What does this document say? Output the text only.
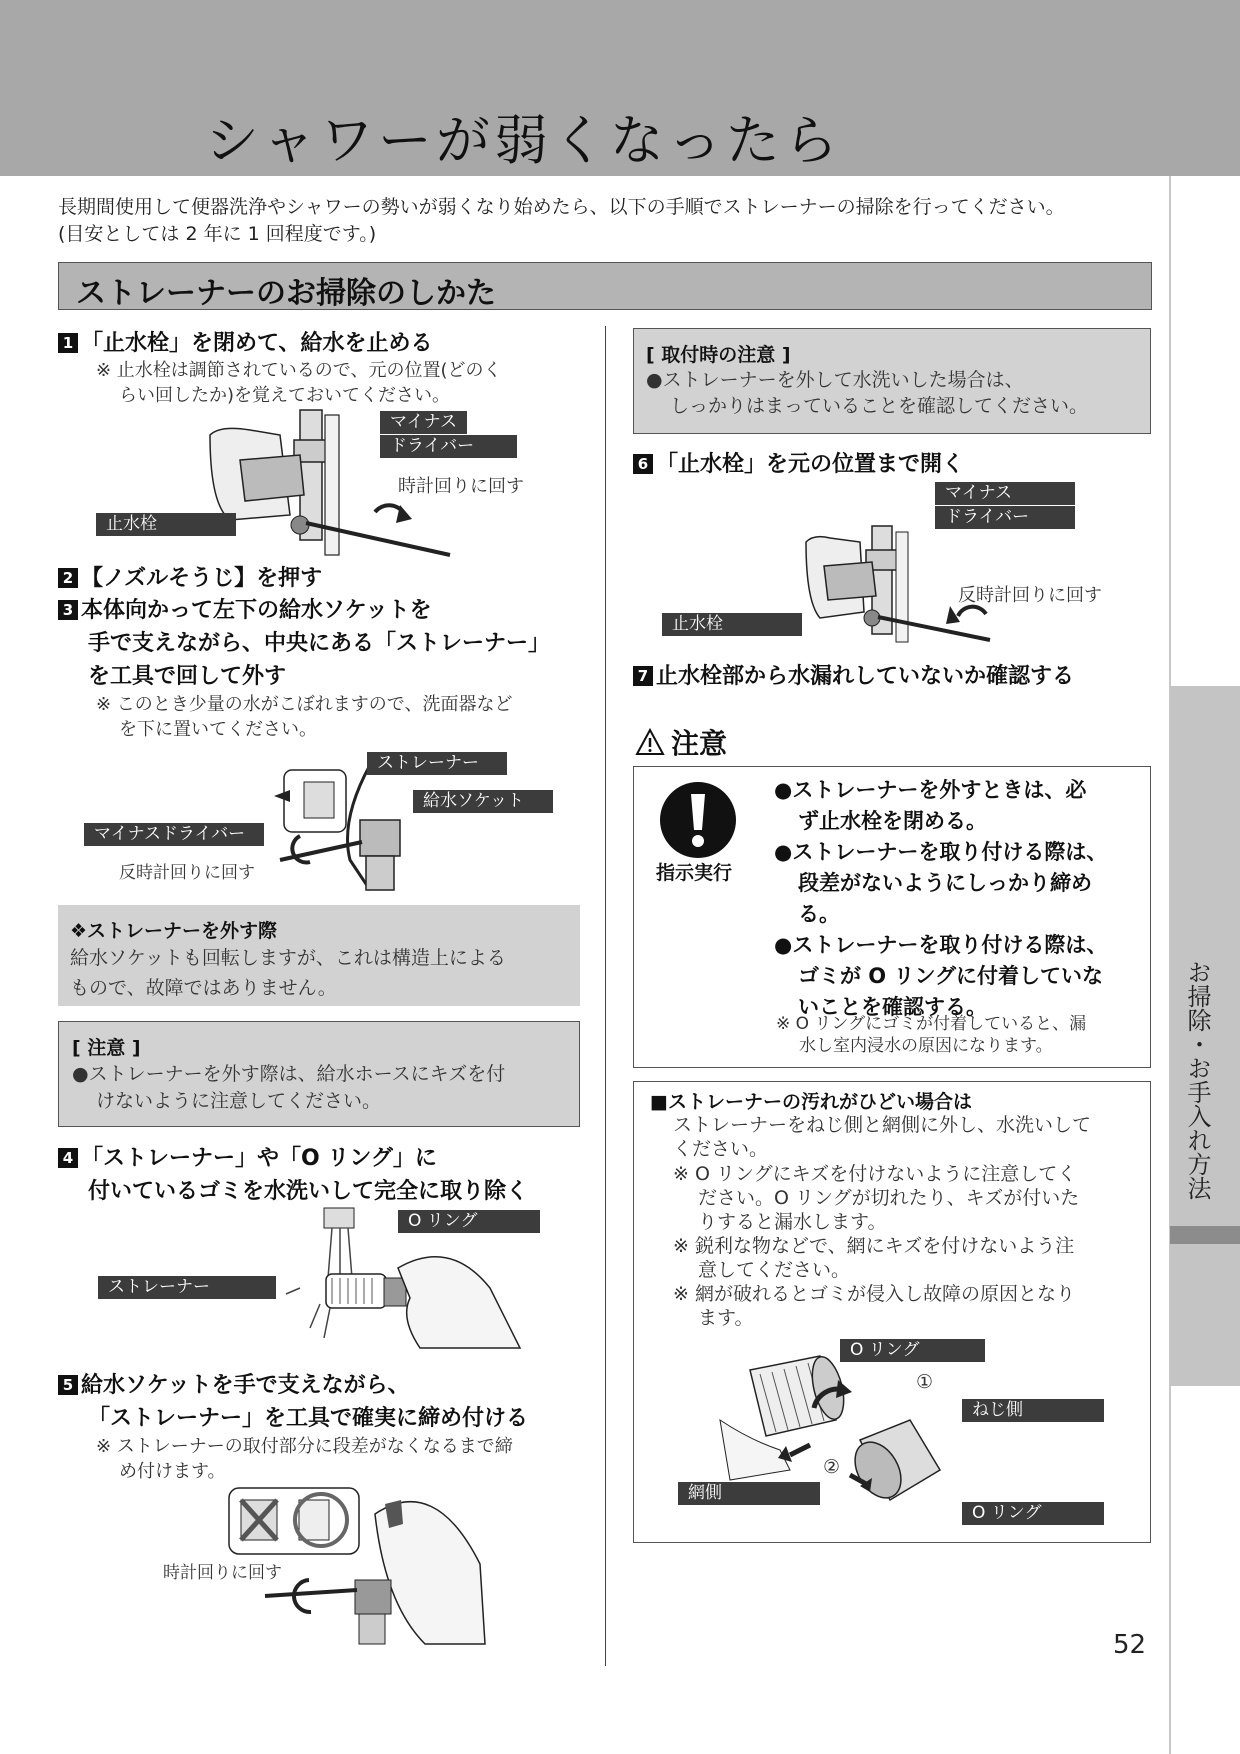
シャワーが弱くなったら
長期間使用して便器洗浄やシャワーの勢いが弱くなり始めたら、以下の手順でストレーナーの掃除を行ってください。
(目安としては 2 年に 1 回程度です。)
ストレーナーのお掃除のしかた
1 「止水栓」を閉めて、給水を止める
※ 止水栓は調節されているので、元の位置(どのく
らい回したか)を覚えておいてください。
マイナス
ドライバー
時計回りに回す
止水栓
2 【ノズルそうじ】を押す
3 本体向かって左下の給水ソケットを
手で支えながら、中央にある「ストレーナー」
を工具で回して外す
※ このとき少量の水がこぼれますので、洗面器など
を下に置いてください。
ストレーナー
給水ソケット
マイナスドライバー
反時計回りに回す
❖ストレーナーを外す際
給水ソケットも回転しますが、これは構造上による
もので、故障ではありません。
[ 注意 ]
●ストレーナーを外す際は、給水ホースにキズを付
けないように注意してください。
4 「ストレーナー」や「O リング」に
付いているゴミを水洗いして完全に取り除く
O リング
ストレーナー
5 給水ソケットを手で支えながら、
「ストレーナー」を工具で確実に締め付ける
※ ストレーナーの取付部分に段差がなくなるまで締
め付けます。
時計回りに回す
[ 取付時の注意 ]
●ストレーナーを外して水洗いした場合は、
しっかりはまっていることを確認してください。
6 「止水栓」を元の位置まで開く
マイナス
ドライバー
反時計回りに回す
止水栓
7 止水栓部から水漏れしていないか確認する
注意
指示実行
●ストレーナーを外すときは、必
ず止水栓を閉める。
●ストレーナーを取り付ける際は、
段差がないようにしっかり締め
る。
●ストレーナーを取り付ける際は、
ゴミが O リングに付着していな
いことを確認する。
※ O リングにゴミが付着していると、漏
水し室内浸水の原因になります。
■ストレーナーの汚れがひどい場合は
ストレーナーをねじ側と網側に外し、水洗いして
ください。
※ O リングにキズを付けないように注意してく
ださい。O リングが切れたり、キズが付いた
りすると漏水します。
※ 鋭利な物などで、網にキズを付けないよう注
意してください。
※ 網が破れるとゴミが侵入し故障の原因となり
ます。
O リング
ねじ側
網側
O リング
①
②
お掃除・お手入れ方法
52
